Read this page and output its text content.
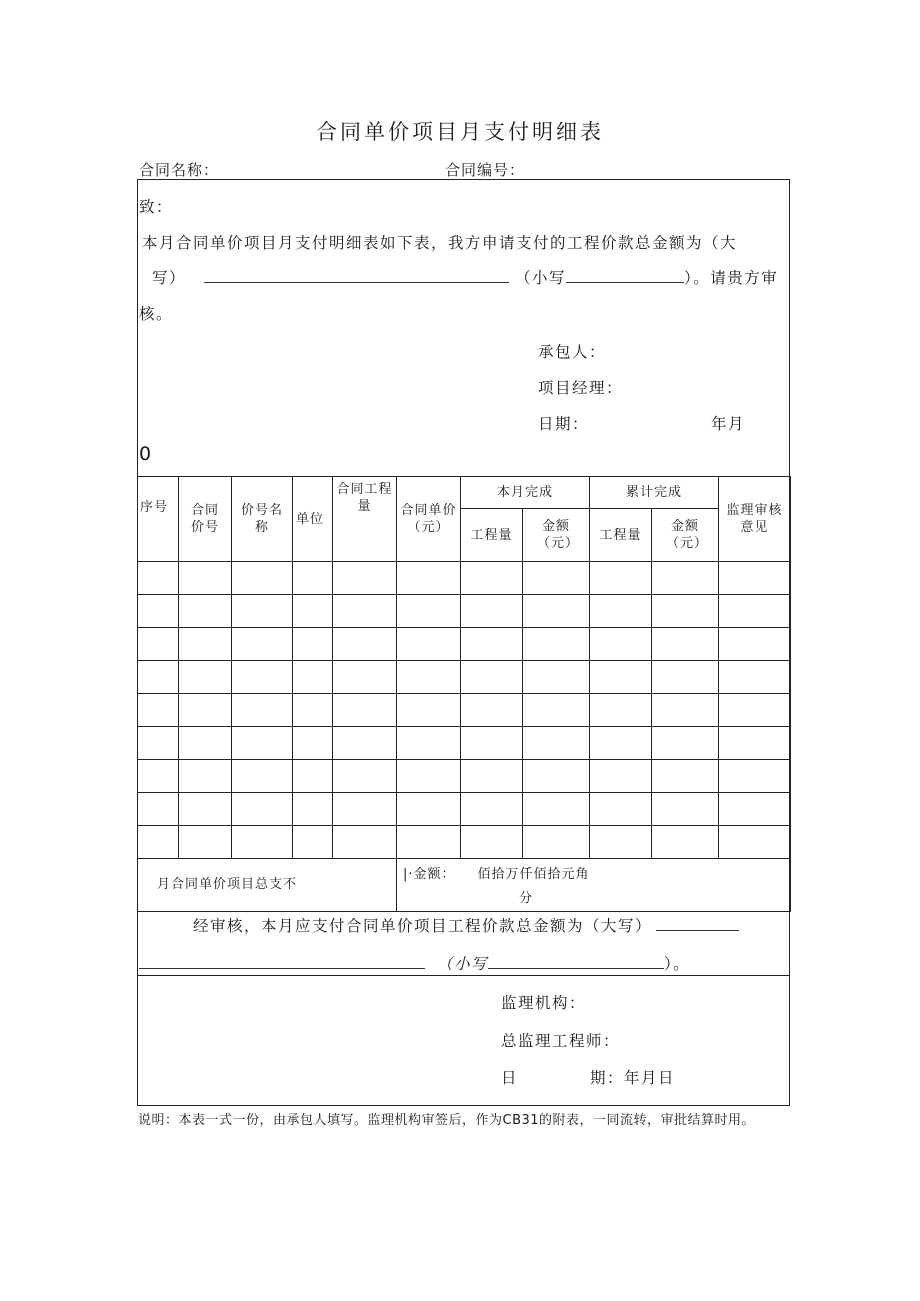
合同单价项目月支付明细表
合同名称：	合同编号：
致：
本月合同单价项目月支付明细表如下表，我方申请支付的工程价款总金额为（大
写）	（小写	）。请贵方审
核。
承包人：
项目经理：
日期：	年月
0
序号	合同价号	价号名称	单位	合同工程量	合同单价（元）	本月完成		累计完成		监理审核意见
						工程量	金额（元）	工程量	金额（元）	

月合同单价项目总支不					|·金额： 佰拾万仟佰拾元角
分					
经审核，本月应支付合同单价项目工程价款总金额为（大写）
（小写	）。
监理机构：
总监理工程师：
日	期：年月日
说明：本表一式一份，由承包人填写。监理机构审签后，作为CB31的附表，一同流转，审批结算时用。
